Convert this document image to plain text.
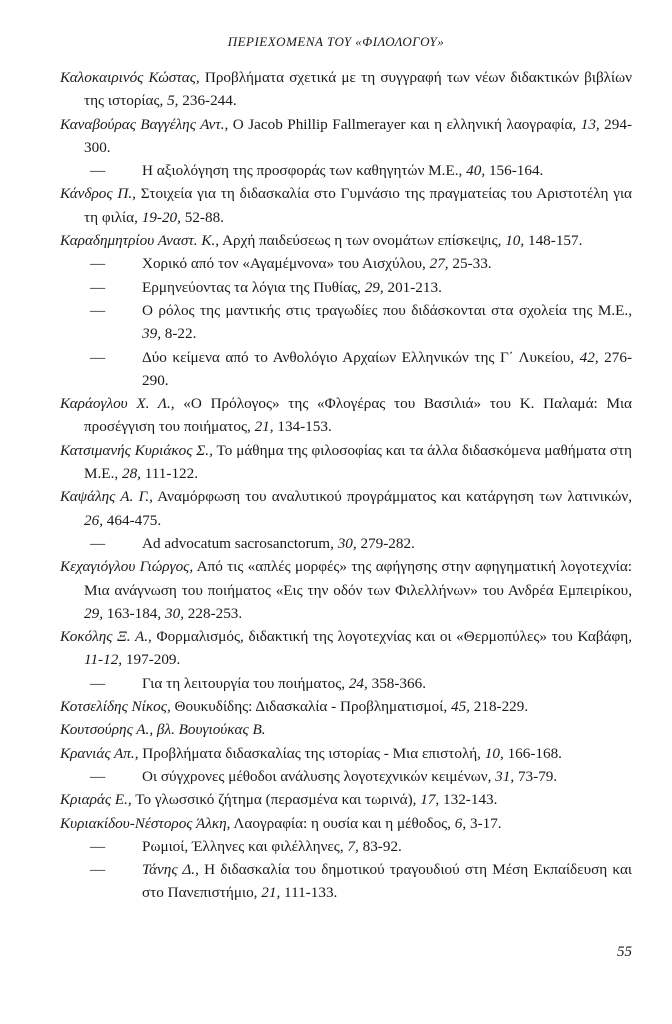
ΠΕΡΙΕΧΟΜΕΝΑ ΤΟΥ «ΦΙΛΟΛΟΓΟΥ»

Καλοκαιρινός Κώστας, Προβλήματα σχετικά με τη συγγραφή των νέων διδακτικών βιβλίων της ιστορίας, 5, 236-244.

Καναβούρας Βαγγέλης Αντ., Ο Jacob Phillip Fallmerayer και η ελληνική λαογραφία, 13, 294-300.

— Η αξιολόγηση της προσφοράς των καθηγητών Μ.Ε., 40, 156-164.

Κάνδρος Π., Στοιχεία για τη διδασκαλία στο Γυμνάσιο της πραγματείας του Αριστοτέλη για τη φιλία, 19-20, 52-88.

Καραδημητρίου Αναστ. Κ., Αρχή παιδεύσεως η των ονομάτων επίσκεψις, 10, 148-157.

— Χορικό από τον «Αγαμέμνονα» του Αισχύλου, 27, 25-33.

— Ερμηνεύοντας τα λόγια της Πυθίας, 29, 201-213.

— Ο ρόλος της μαντικής στις τραγωδίες που διδάσκονται στα σχολεία της Μ.Ε., 39, 8-22.

— Δύο κείμενα από το Ανθολόγιο Αρχαίων Ελληνικών της Γ΄ Λυκείου, 42, 276-290.

Καράογλου Χ. Λ., «Ο Πρόλογος» της «Φλογέρας του Βασιλιά» του Κ. Παλαμά: Μια προσέγγιση του ποιήματος, 21, 134-153.

Κατσιμανής Κυριάκος Σ., Το μάθημα της φιλοσοφίας και τα άλλα διδασκόμενα μαθήματα στη Μ.Ε., 28, 111-122.

Καψάλης Α. Γ., Αναμόρφωση του αναλυτικού προγράμματος και κατάργηση των λατινικών, 26, 464-475.

— Ad advocatum sacrosanctorum, 30, 279-282.

Κεχαγιόγλου Γιώργος, Από τις «απλές μορφές» της αφήγησης στην αφηγηματική λογοτεχνία: Μια ανάγνωση του ποιήματος «Εις την οδόν των Φιλελλήνων» του Ανδρέα Εμπειρίκου, 29, 163-184, 30, 228-253.

Κοκόλης Ξ. Α., Φορμαλισμός, διδακτική της λογοτεχνίας και οι «Θερμοπύλες» του Καβάφη, 11-12, 197-209.

— Για τη λειτουργία του ποιήματος, 24, 358-366.

Κοτσελίδης Νίκος, Θουκυδίδης: Διδασκαλία - Προβληματισμοί, 45, 218-229.

Κουτσούρης Α., βλ. Βουγιούκας Β.

Κρανιάς Απ., Προβλήματα διδασκαλίας της ιστορίας - Μια επιστολή, 10, 166-168.

— Οι σύγχρονες μέθοδοι ανάλυσης λογοτεχνικών κειμένων, 31, 73-79.

Κριαράς Ε., Το γλωσσικό ζήτημα (περασμένα και τωρινά), 17, 132-143.

Κυριακίδου-Νέστορος Άλκη, Λαογραφία: η ουσία και η μέθοδος, 6, 3-17.

— Ρωμιοί, Έλληνες και φιλέλληνες, 7, 83-92.

— Τάνης Δ., Η διδασκαλία του δημοτικού τραγουδιού στη Μέση Εκπαίδευση και στο Πανεπιστήμιο, 21, 111-133.

55
